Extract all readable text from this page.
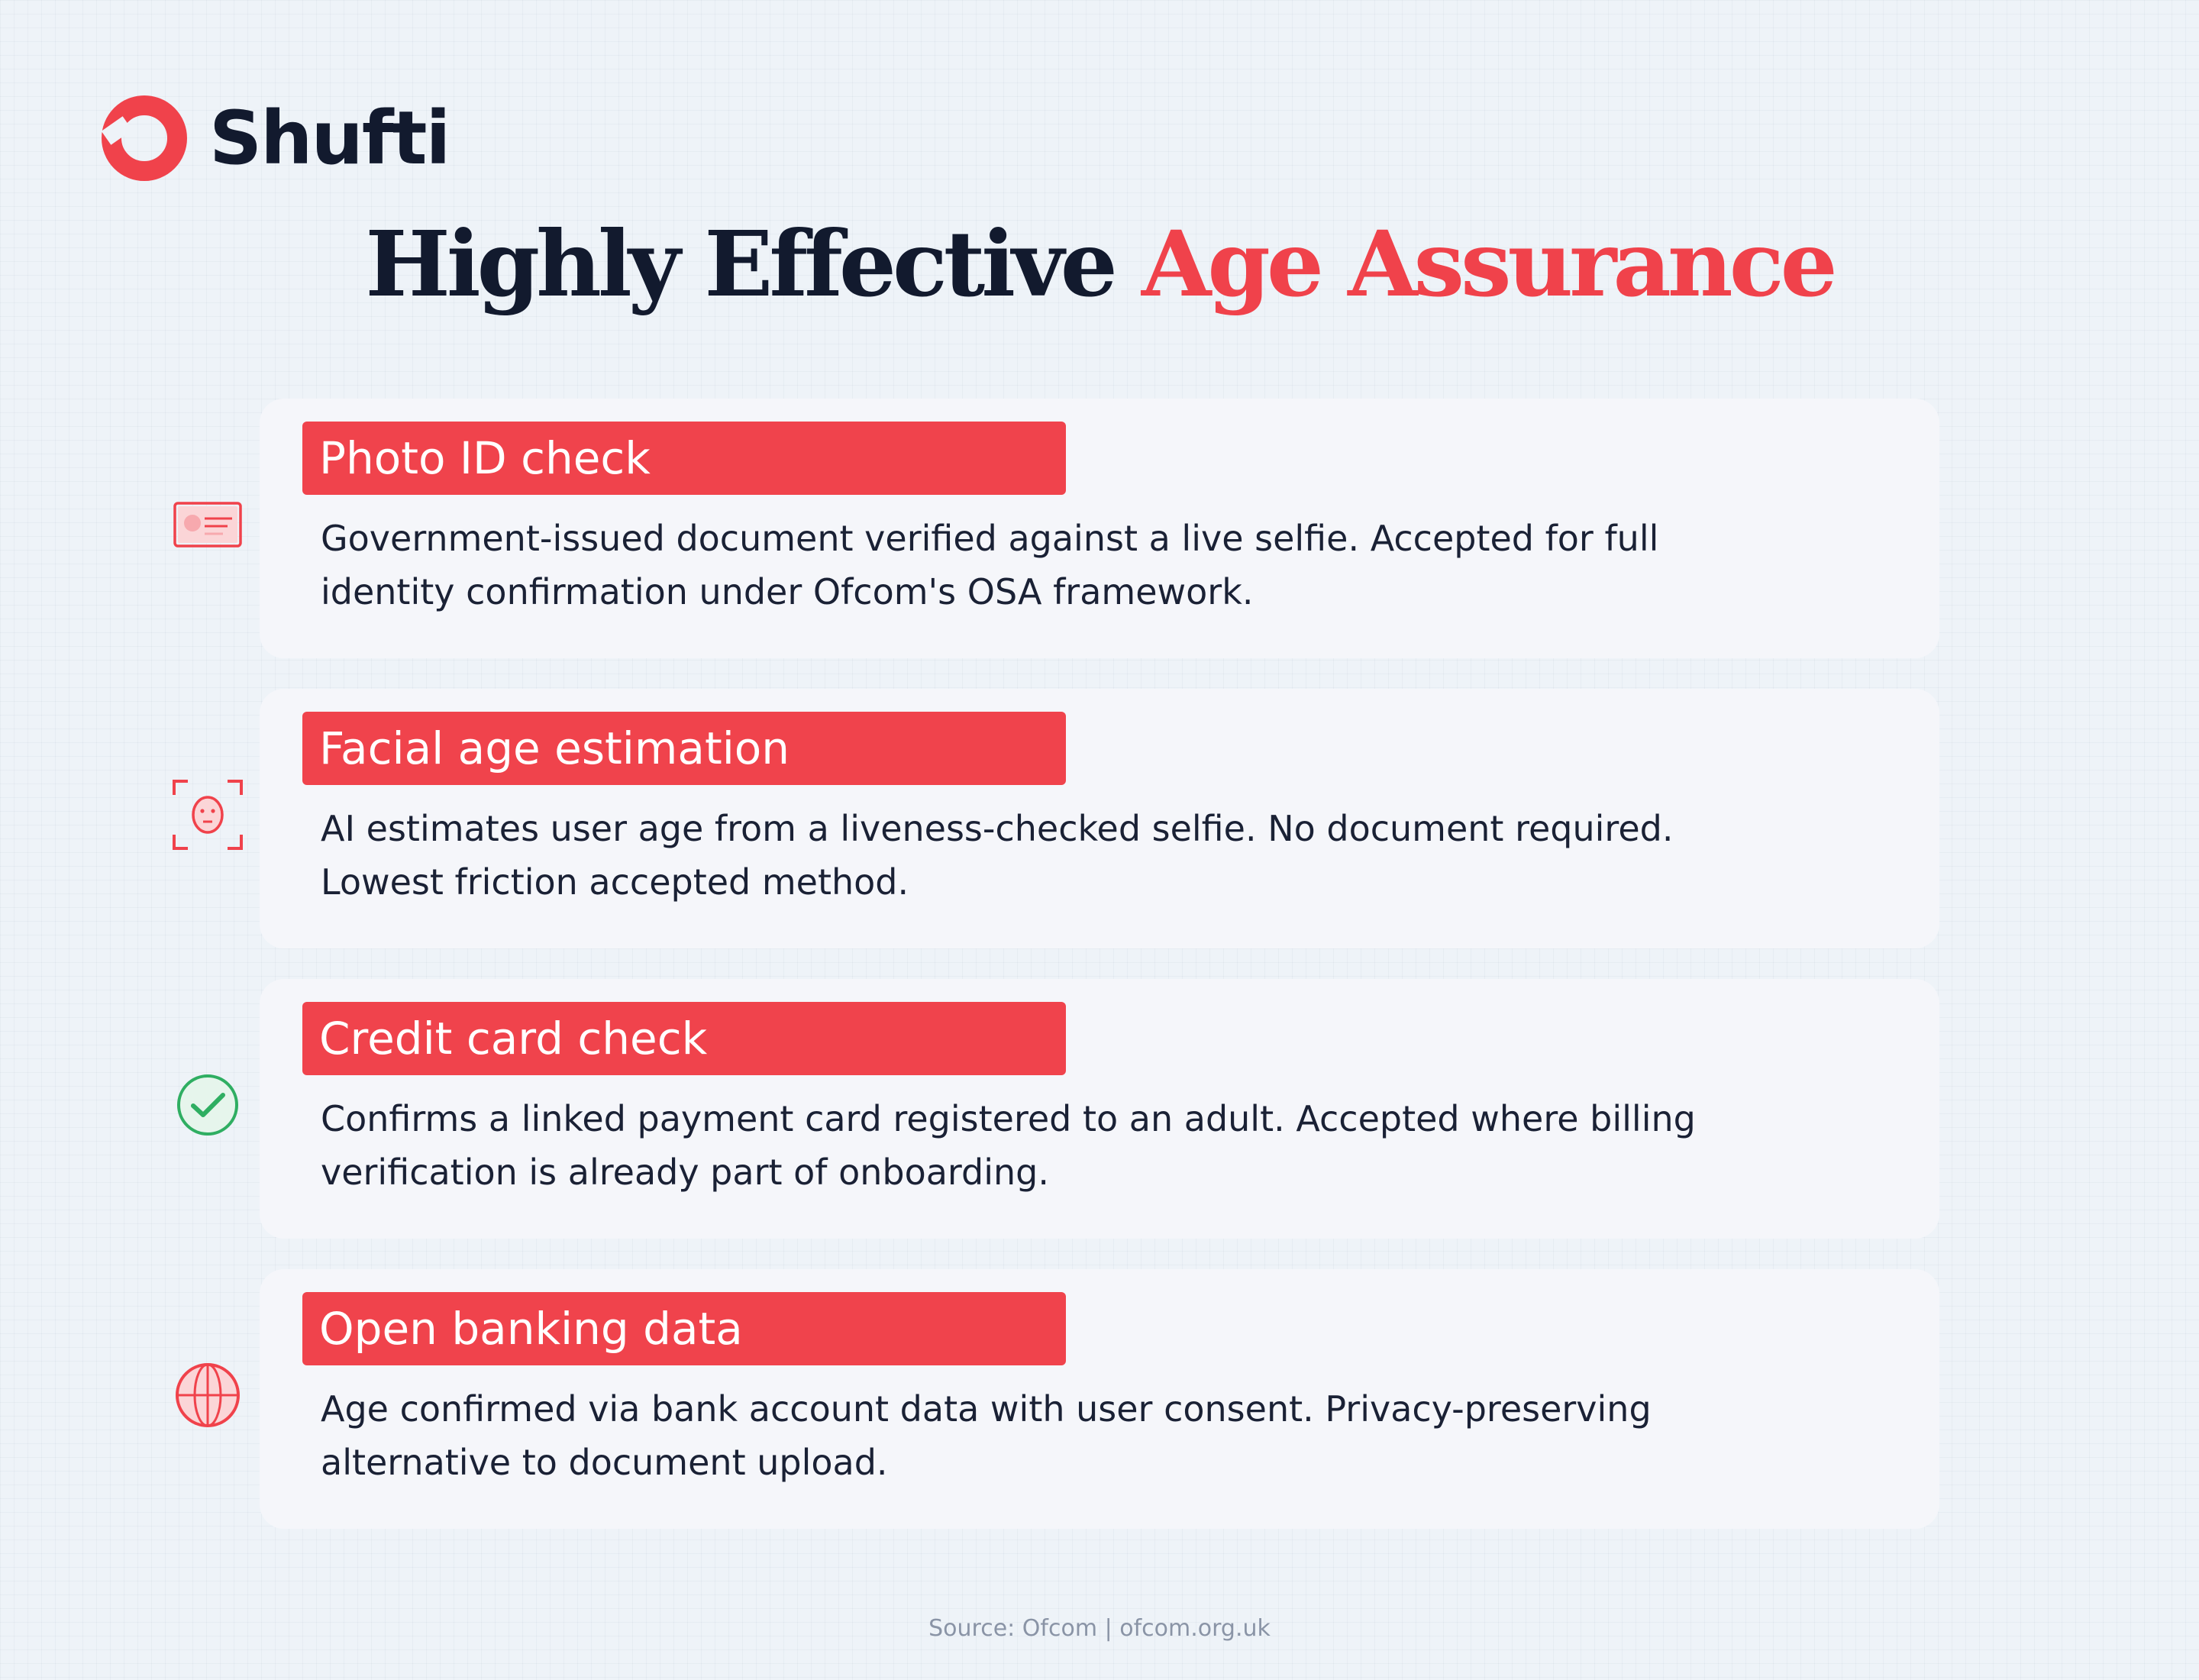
Shufti
Highly Effective Age Assurance
Photo ID check
Government-issued document verified against a live selfie. Accepted for full identity confirmation under Ofcom's OSA framework.
Facial age estimation
AI estimates user age from a liveness-checked selfie. No document required. Lowest friction accepted method.
Credit card check
Confirms a linked payment card registered to an adult. Accepted where billing verification is already part of onboarding.
Open banking data
Age confirmed via bank account data with user consent. Privacy-preserving alternative to document upload.
Source: Ofcom | ofcom.org.uk
